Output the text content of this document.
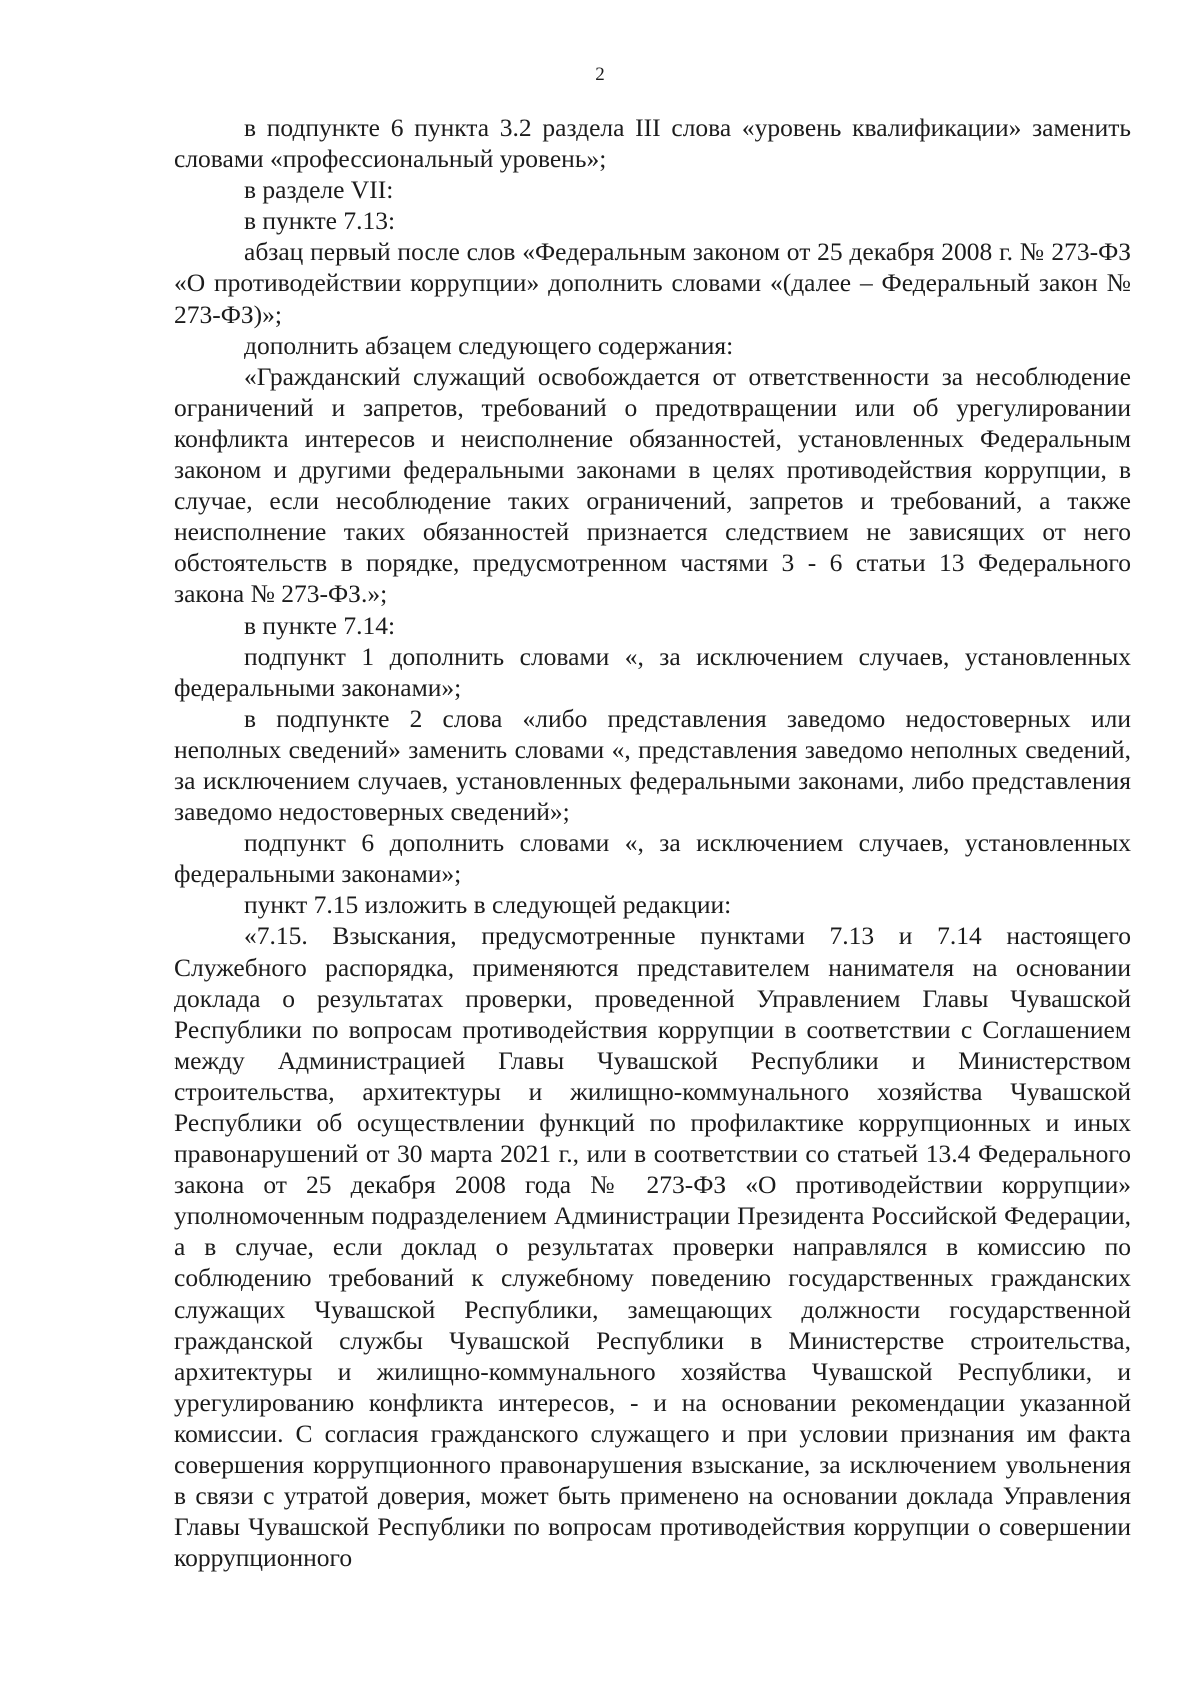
2

в подпункте 6 пункта 3.2 раздела III слова «уровень квалификации» заменить словами «профессиональный уровень»;

в разделе VII:

в пункте 7.13:

абзац первый после слов «Федеральным законом от 25 декабря 2008 г. № 273-ФЗ «О противодействии коррупции» дополнить словами «(далее – Федеральный закон № 273-ФЗ)»;

дополнить абзацем следующего содержания:

«Гражданский служащий освобождается от ответственности за несоблюдение ограничений и запретов, требований о предотвращении или об урегулировании конфликта интересов и неисполнение обязанностей, установленных Федеральным законом и другими федеральными законами в целях противодействия коррупции, в случае, если несоблюдение таких ограничений, запретов и требований, а также неисполнение таких обязанностей признается следствием не зависящих от него обстоятельств в порядке, предусмотренном частями 3 - 6 статьи 13 Федерального закона № 273-ФЗ.»;

в пункте 7.14:

подпункт 1 дополнить словами «, за исключением случаев, установленных федеральными законами»;

в подпункте 2 слова «либо представления заведомо недостоверных или неполных сведений» заменить словами «, представления заведомо неполных сведений, за исключением случаев, установленных федеральными законами, либо представления заведомо недостоверных сведений»;

подпункт 6 дополнить словами «, за исключением случаев, установленных федеральными законами»;

пункт 7.15 изложить в следующей редакции:

«7.15. Взыскания, предусмотренные пунктами 7.13 и 7.14 настоящего Служебного распорядка, применяются представителем нанимателя на основании доклада о результатах проверки, проведенной Управлением Главы Чувашской Республики по вопросам противодействия коррупции в соответствии с Соглашением между Администрацией Главы Чувашской Республики и Министерством строительства, архитектуры и жилищно-коммунального хозяйства Чувашской Республики об осуществлении функций по профилактике коррупционных и иных правонарушений от 30 марта 2021 г., или в соответствии со статьей 13.4 Федерального закона от 25 декабря 2008 года № 273-ФЗ «О противодействии коррупции» уполномоченным подразделением Администрации Президента Российской Федерации, а в случае, если доклад о результатах проверки направлялся в комиссию по соблюдению требований к служебному поведению государственных гражданских служащих Чувашской Республики, замещающих должности государственной гражданской службы Чувашской Республики в Министерстве строительства, архитектуры и жилищно-коммунального хозяйства Чувашской Республики, и урегулированию конфликта интересов, - и на основании рекомендации указанной комиссии. С согласия гражданского служащего и при условии признания им факта совершения коррупционного правонарушения взыскание, за исключением увольнения в связи с утратой доверия, может быть применено на основании доклада Управления Главы Чувашской Республики по вопросам противодействия коррупции о совершении коррупционного
